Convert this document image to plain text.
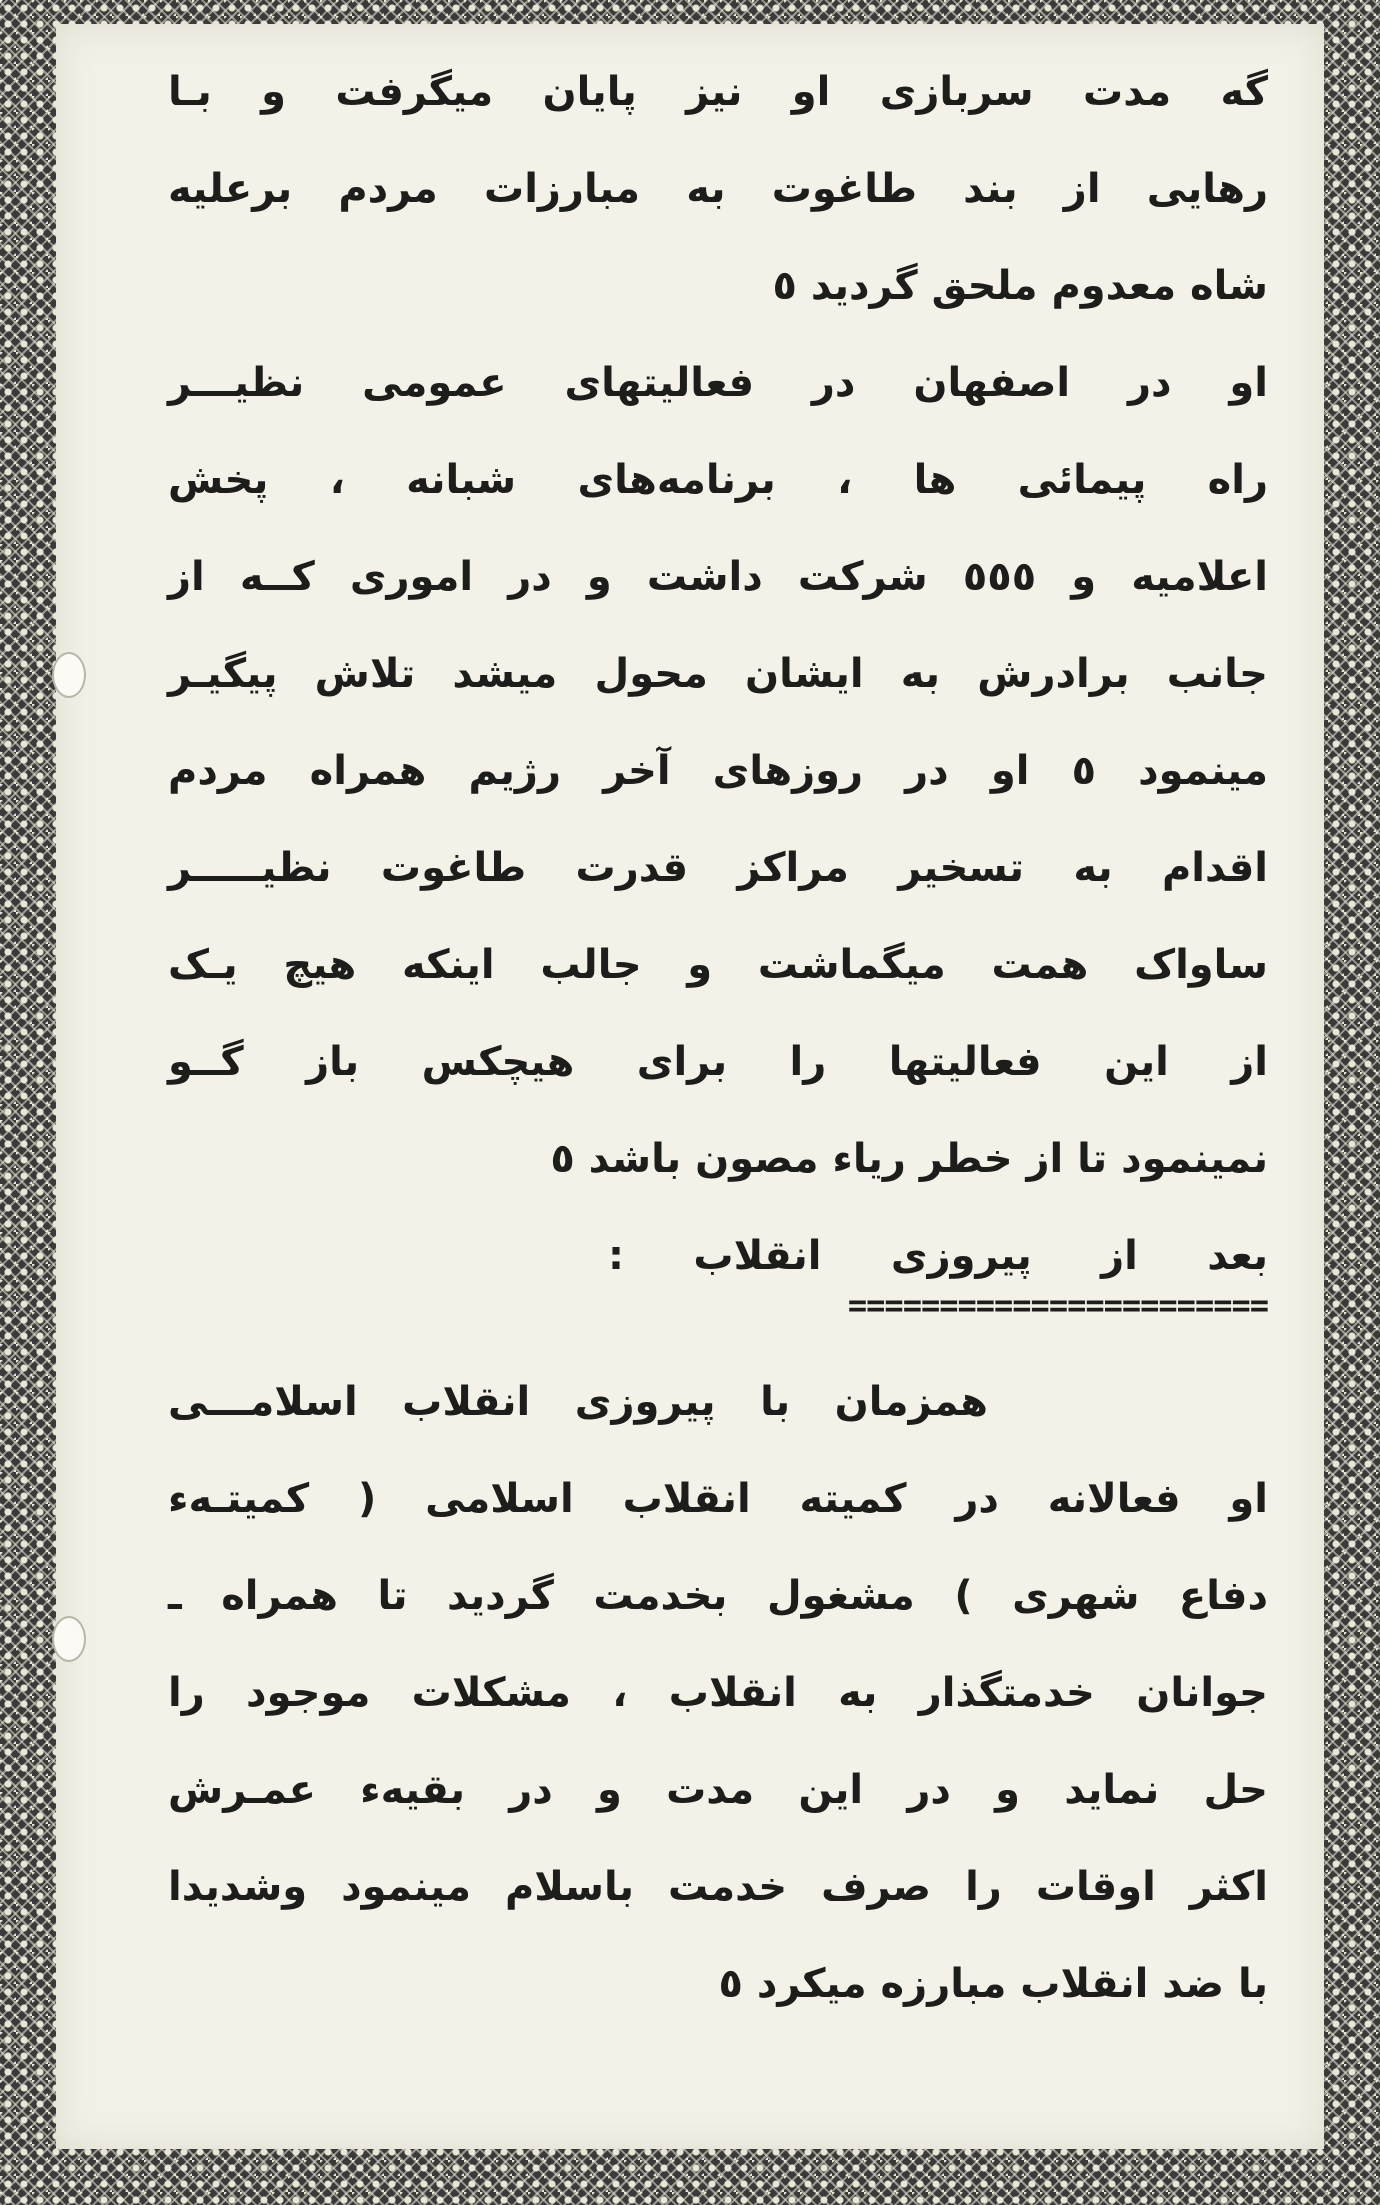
گه مدت سربازی او نیز پایان میگرفت و بـا
رهایی از بند طاغوت به مبارزات مردم برعلیه
شاه معدوم ملحق گردید ٥
او در اصفهان در فعالیتهای عمومی نظیـــر
راه پیمائی ها ، برنامه‌های شبانه ، پخش
اعلامیه و ٥٥٥ شرکت داشت و در اموری کــه از
جانب برادرش به ایشان محول میشد تلاش پیگیـر
مینمود ٥ او در روزهای آخر رژیم همراه مردم
اقدام به تسخیر مراکز قدرت طاغوت نظیـــــر
ساواک همت میگماشت و جالب اینکه هیچ یـک
از این فعالیتها را برای هیچکس باز گــو
نمینمود تا از خطر ریاء مصون باشد ٥
بعد از پیروزی انقلاب :
=======================
همزمان با پیروزی انقلاب اسلامـــی
او فعالانه در کمیته انقلاب اسلامی ( کمیتـهء
دفاع شهری ) مشغول بخدمت گردید تا همراه ـ
جوانان خدمتگذار به انقلاب ، مشکلات موجود را
حل نماید و در این مدت و در بقیهء عمـرش
اکثر اوقات را صرف خدمت باسلام مینمود وشدیدا
با ضد انقلاب مبارزه میکرد ٥
